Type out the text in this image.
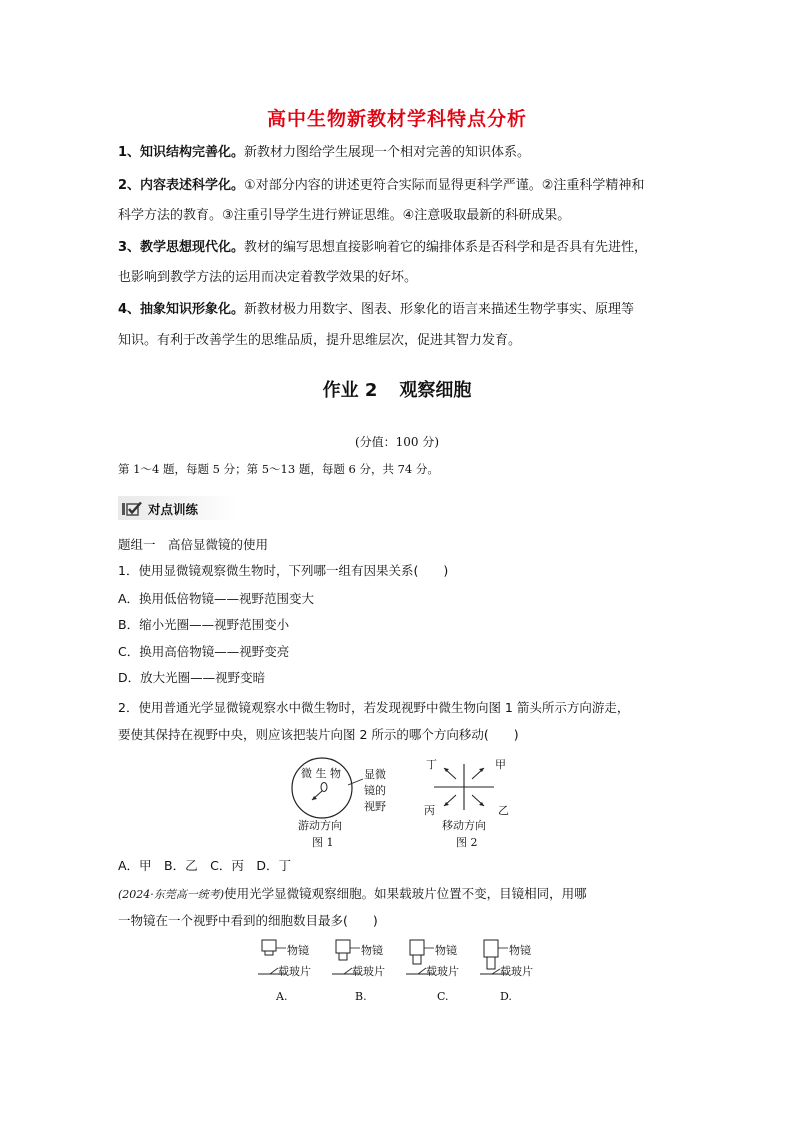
高中生物新教材学科特点分析
1、知识结构完善化。新教材力图给学生展现一个相对完善的知识体系。
2、内容表述科学化。①对部分内容的讲述更符合实际而显得更科学严谨。②注重科学精神和
科学方法的教育。③注重引导学生进行辨证思维。④注意吸取最新的科研成果。
3、教学思想现代化。教材的编写思想直接影响着它的编排体系是否科学和是否具有先进性，
也影响到教学方法的运用而决定着教学效果的好坏。
4、抽象知识形象化。新教材极力用数字、图表、形象化的语言来描述生物学事实、原理等
知识。有利于改善学生的思维品质，提升思维层次，促进其智力发育。
作业 2 观察细胞
(分值：100 分)
第 1～4 题，每题 5 分；第 5～13 题，每题 6 分，共 74 分。
对点训练
题组一　高倍显微镜的使用
1．使用显微镜观察微生物时，下列哪一组有因果关系(　　)
A．换用低倍物镜——视野范围变大
B．缩小光圈——视野范围变小
C．换用高倍物镜——视野变亮
D．放大光圈——视野变暗
2．使用普通光学显微镜观察水中微生物时，若发现视野中微生物向图 1 箭头所示方向游走，
要使其保持在视野中央，则应该把装片向图 2 所示的哪个方向移动(　　)
微 生 物 显微
镜的
视野
游动方向
图 1
丁	甲
丙	乙
移动方向
图 2
A．甲　B．乙　C．丙　D．丁
(2024·东莞高一统考)使用光学显微镜观察细胞。如果载玻片位置不变，目镜相同，用哪
一物镜在一个视野中看到的细胞数目最多(　　)
物镜
载玻片
A.
物镜
载玻片
B.
物镜
载玻片
C.
物镜
载玻片
D.
